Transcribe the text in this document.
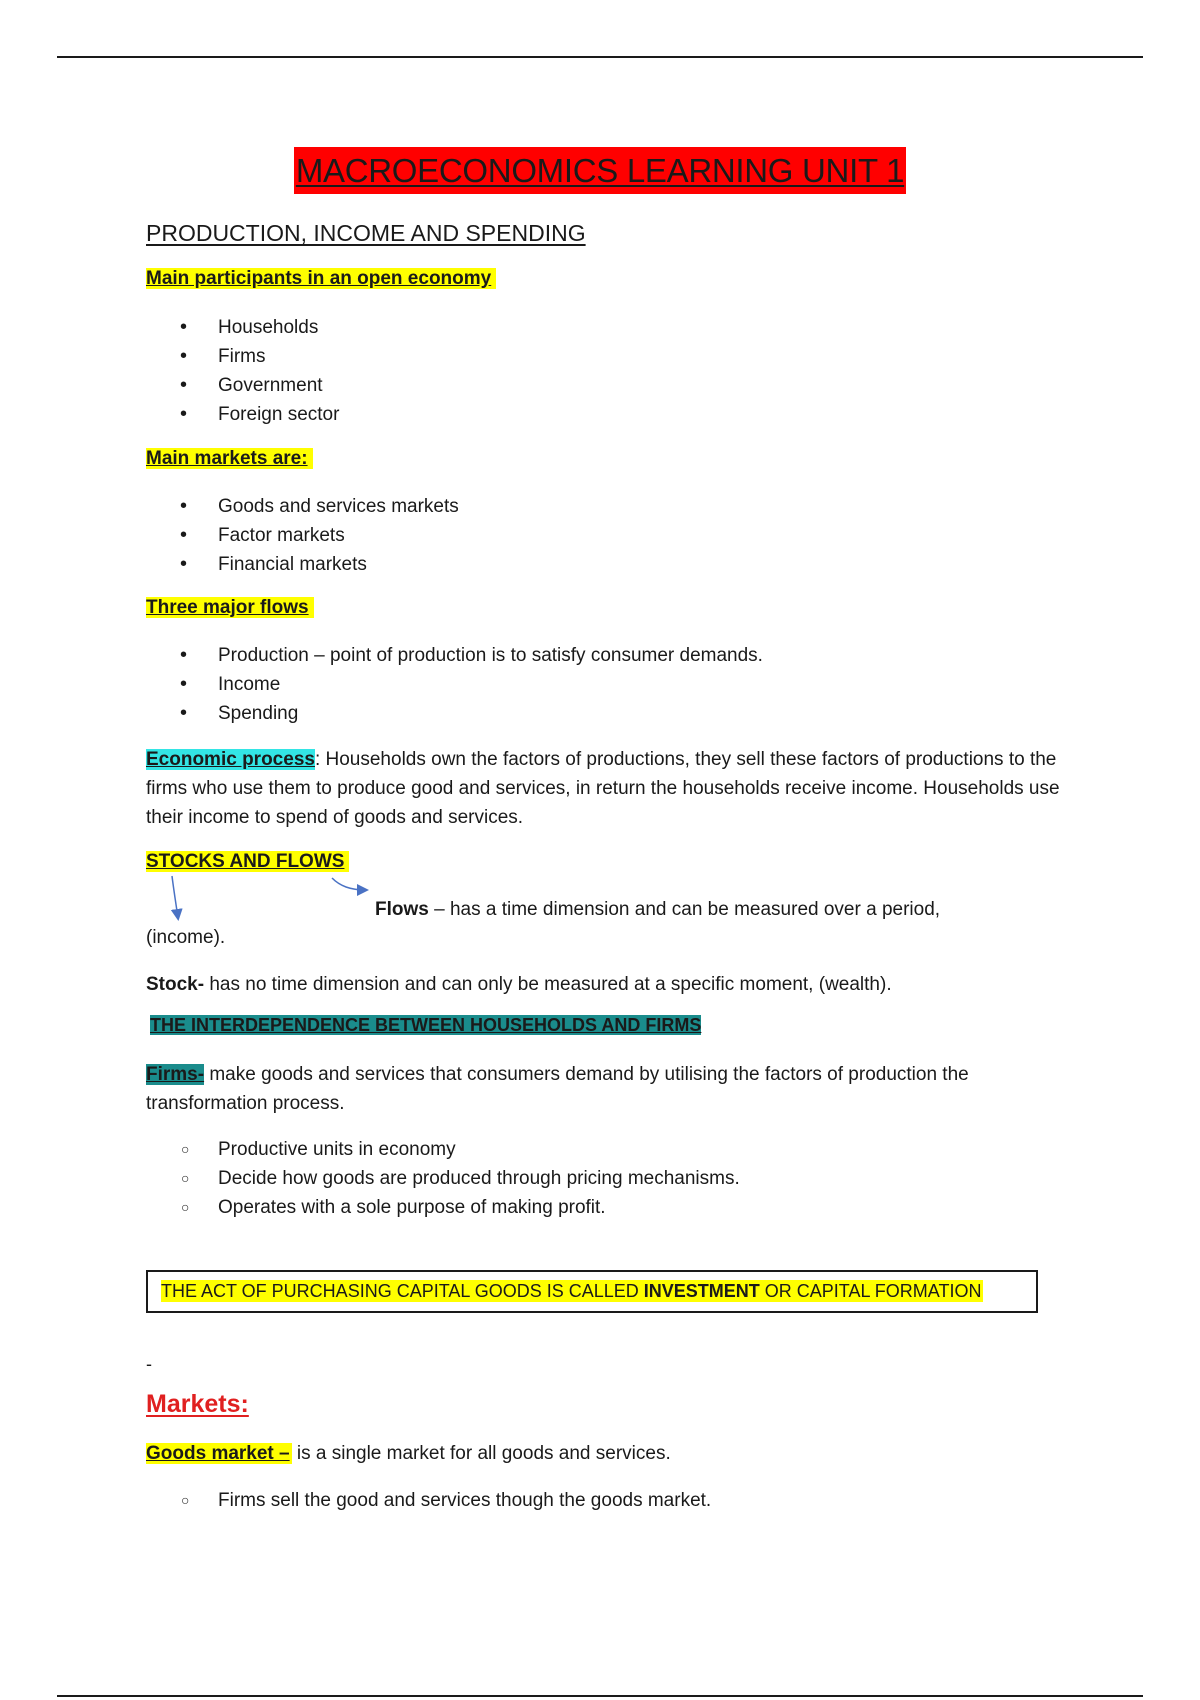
MACROECONOMICS LEARNING UNIT 1
PRODUCTION, INCOME AND SPENDING
Main participants in an open economy
• Households
• Firms
• Government
• Foreign sector
Main markets are:
• Goods and services markets
• Factor markets
• Financial markets
Three major flows
• Production – point of production is to satisfy consumer demands.
• Income
• Spending
Economic process: Households own the factors of productions, they sell these factors of productions to the firms who use them to produce good and services, in return the households receive income. Households use their income to spend of goods and services.
STOCKS AND FLOWS
Flows – has a time dimension and can be measured over a period,
(income).
Stock- has no time dimension and can only be measured at a specific moment, (wealth).
THE INTERDEPENDENCE BETWEEN HOUSEHOLDS AND FIRMS
Firms- make goods and services that consumers demand by utilising the factors of production the transformation process.
○ Productive units in economy
○ Decide how goods are produced through pricing mechanisms.
○ Operates with a sole purpose of making profit.
THE ACT OF PURCHASING CAPITAL GOODS IS CALLED INVESTMENT OR CAPITAL FORMATION
-
Markets:
Goods market – is a single market for all goods and services.
○ Firms sell the good and services though the goods market.
